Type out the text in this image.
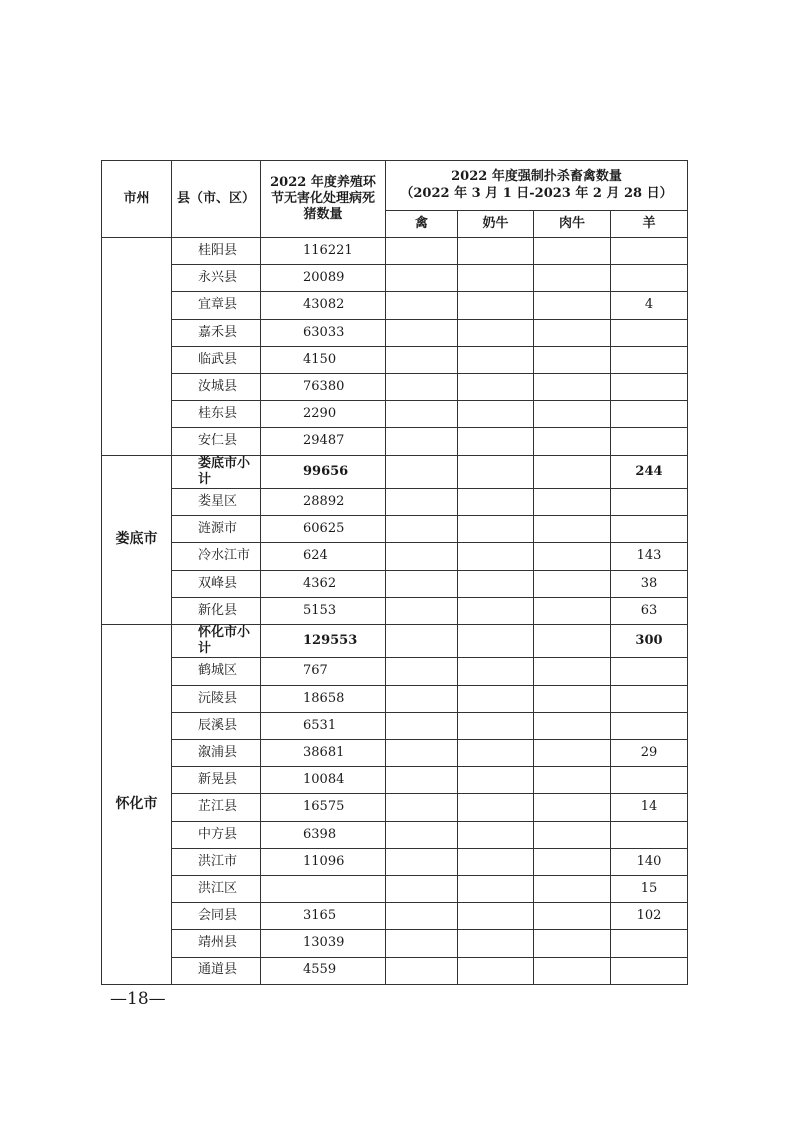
市州	县（市、区）	2022 年度养殖环节无害化处理病死猪数量	2022 年度强制扑杀畜禽数量
（2022 年 3 月 1 日-2023 年 2 月 28 日）			

			禽	奶牛	肉牛	羊
	桂阳县	116221				
	永兴县	20089				
	宜章县	43082				4
	嘉禾县	63033				
	临武县	4150				
	汝城县	76380				
	桂东县	2290				
	安仁县	29487				
娄底市	娄底市小计	99656				244
	娄星区	28892				
	涟源市	60625				
	冷水江市	624				143
	双峰县	4362				38
	新化县	5153				63
怀化市	怀化市小计	129553				300
	鹤城区	767				
	沅陵县	18658				
	辰溪县	6531				
	溆浦县	38681				29
	新晃县	10084				
	芷江县	16575				14
	中方县	6398				
	洪江市	11096				140
	洪江区					15
	会同县	3165				102
	靖州县	13039				
	通道县	4559				
—18—
